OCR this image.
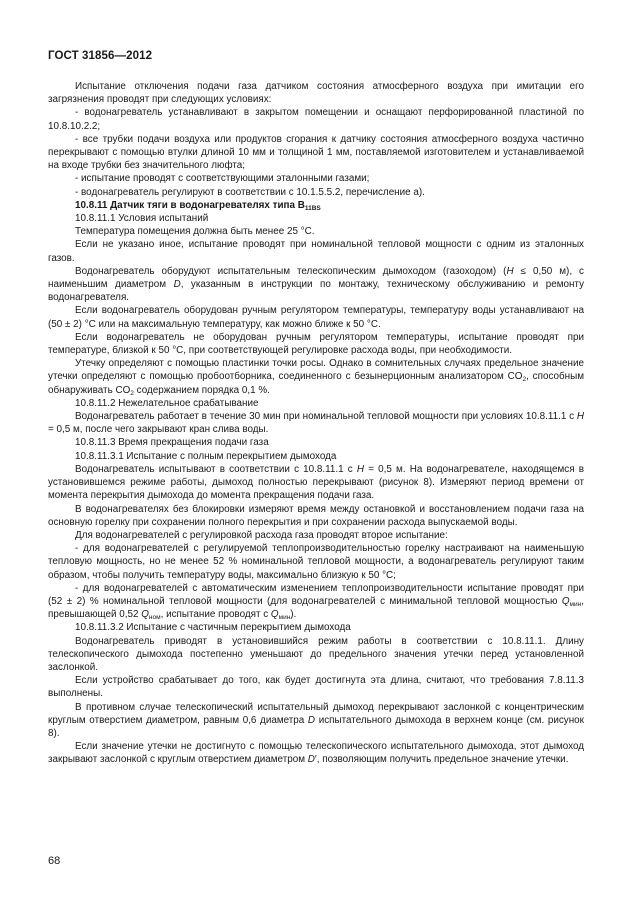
ГОСТ 31856—2012

Испытание отключения подачи газа датчиком состояния атмосферного воздуха при имитации его загрязнения проводят при следующих условиях:

- водонагреватель устанавливают в закрытом помещении и оснащают перфорированной пластиной по 10.8.10.2.2;

- все трубки подачи воздуха или продуктов сгорания к датчику состояния атмосферного воздуха частично перекрывают с помощью втулки длиной 10 мм и толщиной 1 мм, поставляемой изготовителем и устанавливаемой на входе трубки без значительного люфта;

- испытание проводят с соответствующими эталонными газами;

- водонагреватель регулируют в соответствии с 10.1.5.5.2, перечисление а).

10.8.11 Датчик тяги в водонагревателях типа $B_{11BS}$

10.8.11.1 Условия испытаний

Температура помещения должна быть менее 25 °C.

Если не указано иное, испытание проводят при номинальной тепловой мощности с одним из эталонных газов.

Водонагреватель оборудуют испытательным телескопическим дымоходом (газоходом) (H ≤ 0,50 м), с наименьшим диаметром D, указанным в инструкции по монтажу, техническому обслуживанию и ремонту водонагревателя.

Если водонагреватель оборудован ручным регулятором температуры, температуру воды устанавливают на (50 ± 2) °C или на максимальную температуру, как можно ближе к 50 °C.

Если водонагреватель не оборудован ручным регулятором температуры, испытание проводят при температуре, близкой к 50 °C, при соответствующей регулировке расхода воды, при необходимости.

Утечку определяют с помощью пластинки точки росы. Однако в сомнительных случаях предельное значение утечки определяют с помощью пробоотборника, соединенного с безынерционным анализатором $CO_2$, способным обнаруживать $CO_2$ содержанием порядка 0,1 %.

10.8.11.2 Нежелательное срабатывание

Водонагреватель работает в течение 30 мин при номинальной тепловой мощности при условиях 10.8.11.1 с H = 0,5 м, после чего закрывают кран слива воды.

10.8.11.3 Время прекращения подачи газа

10.8.11.3.1 Испытание с полным перекрытием дымохода

Водонагреватель испытывают в соответствии с 10.8.11.1 с H = 0,5 м. На водонагревателе, находящемся в установившемся режиме работы, дымоход полностью перекрывают (рисунок 8). Измеряют период времени от момента перекрытия дымохода до момента прекращения подачи газа.

В водонагревателях без блокировки измеряют время между остановкой и восстановлением подачи газа на основную горелку при сохранении полного перекрытия и при сохранении расхода выпускаемой воды.

Для водонагревателей с регулировкой расхода газа проводят второе испытание:

- для водонагревателей с регулируемой теплопроизводительностью горелку настраивают на наименьшую тепловую мощность, но не менее 52 % номинальной тепловой мощности, а водонагреватель регулируют таким образом, чтобы получить температуру воды, максимально близкую к 50 °C;

- для водонагревателей с автоматическим изменением теплопроизводительности испытание проводят при (52 ± 2) % номинальной тепловой мощности (для водонагревателей с минимальной тепловой мощностью $Q_{мин}$, превышающей 0,52 $Q_{ном}$, испытание проводят с $Q_{мин}$).

10.8.11.3.2 Испытание с частичным перекрытием дымохода

Водонагреватель приводят в установившийся режим работы в соответствии с 10.8.11.1. Длину телескопического дымохода постепенно уменьшают до предельного значения утечки перед установленной заслонкой.

Если устройство срабатывает до того, как будет достигнута эта длина, считают, что требования 7.8.11.3 выполнены.

В противном случае телескопический испытательный дымоход перекрывают заслонкой с концентрическим круглым отверстием диаметром, равным 0,6 диаметра D испытательного дымохода в верхнем конце (см. рисунок 8).

Если значение утечки не достигнуто с помощью телескопического испытательного дымохода, этот дымоход закрывают заслонкой с круглым отверстием диаметром D′, позволяющим получить предельное значение утечки.

68
